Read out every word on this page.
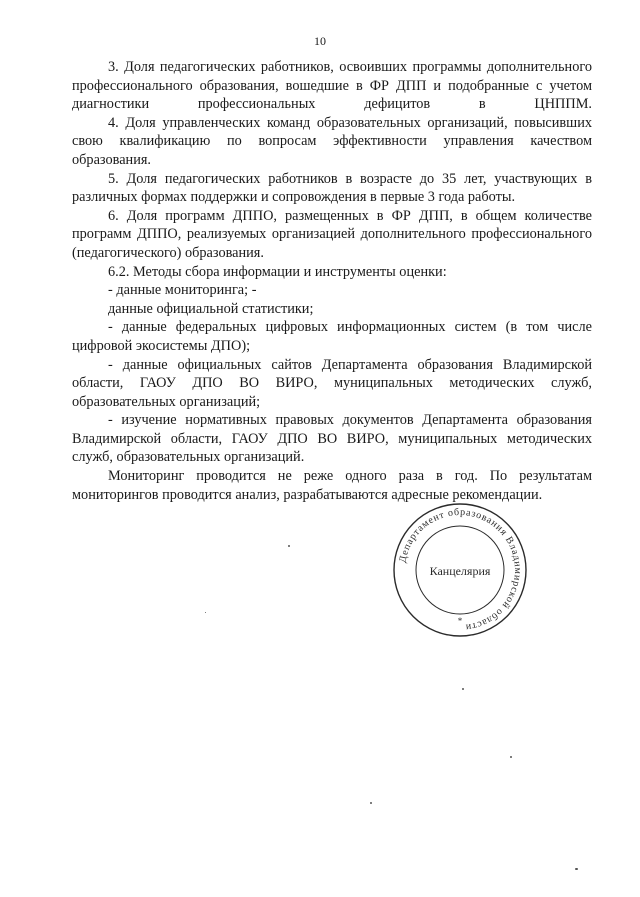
10

3. Доля педагогических работников, освоивших программы дополнительного профессионального образования, вошедшие в ФР ДПП и подобранные с учетом диагностики профессиональных дефицитов в ЦНППМ.

4. Доля управленческих команд образовательных организаций, повысивших свою квалификацию по вопросам эффективности управления качеством образования.

5. Доля педагогических работников в возрасте до 35 лет, участвующих в различных формах поддержки и сопровождения в первые 3 года работы.

6. Доля программ ДППО, размещенных в ФР ДПП, в общем количестве программ ДППО, реализуемых организацией дополнительного профессионального (педагогического) образования.

6.2. Методы сбора информации и инструменты оценки:

- данные мониторинга; -

данные официальной статистики;

- данные федеральных цифровых информационных систем (в том числе цифровой экосистемы ДПО);

- данные официальных сайтов Департамента образования Владимирской области, ГАОУ ДПО ВО ВИРО, муниципальных методических служб, образовательных организаций;

- изучение нормативных правовых документов Департамента образования Владимирской области, ГАОУ ДПО ВО ВИРО, муниципальных методических служб, образовательных организаций.

Мониторинг проводится не реже одного раза в год. По результатам мониторингов проводится анализ, разрабатываются адресные рекомендации.

Департамент образования Владимирской области
Канцелярия
*
